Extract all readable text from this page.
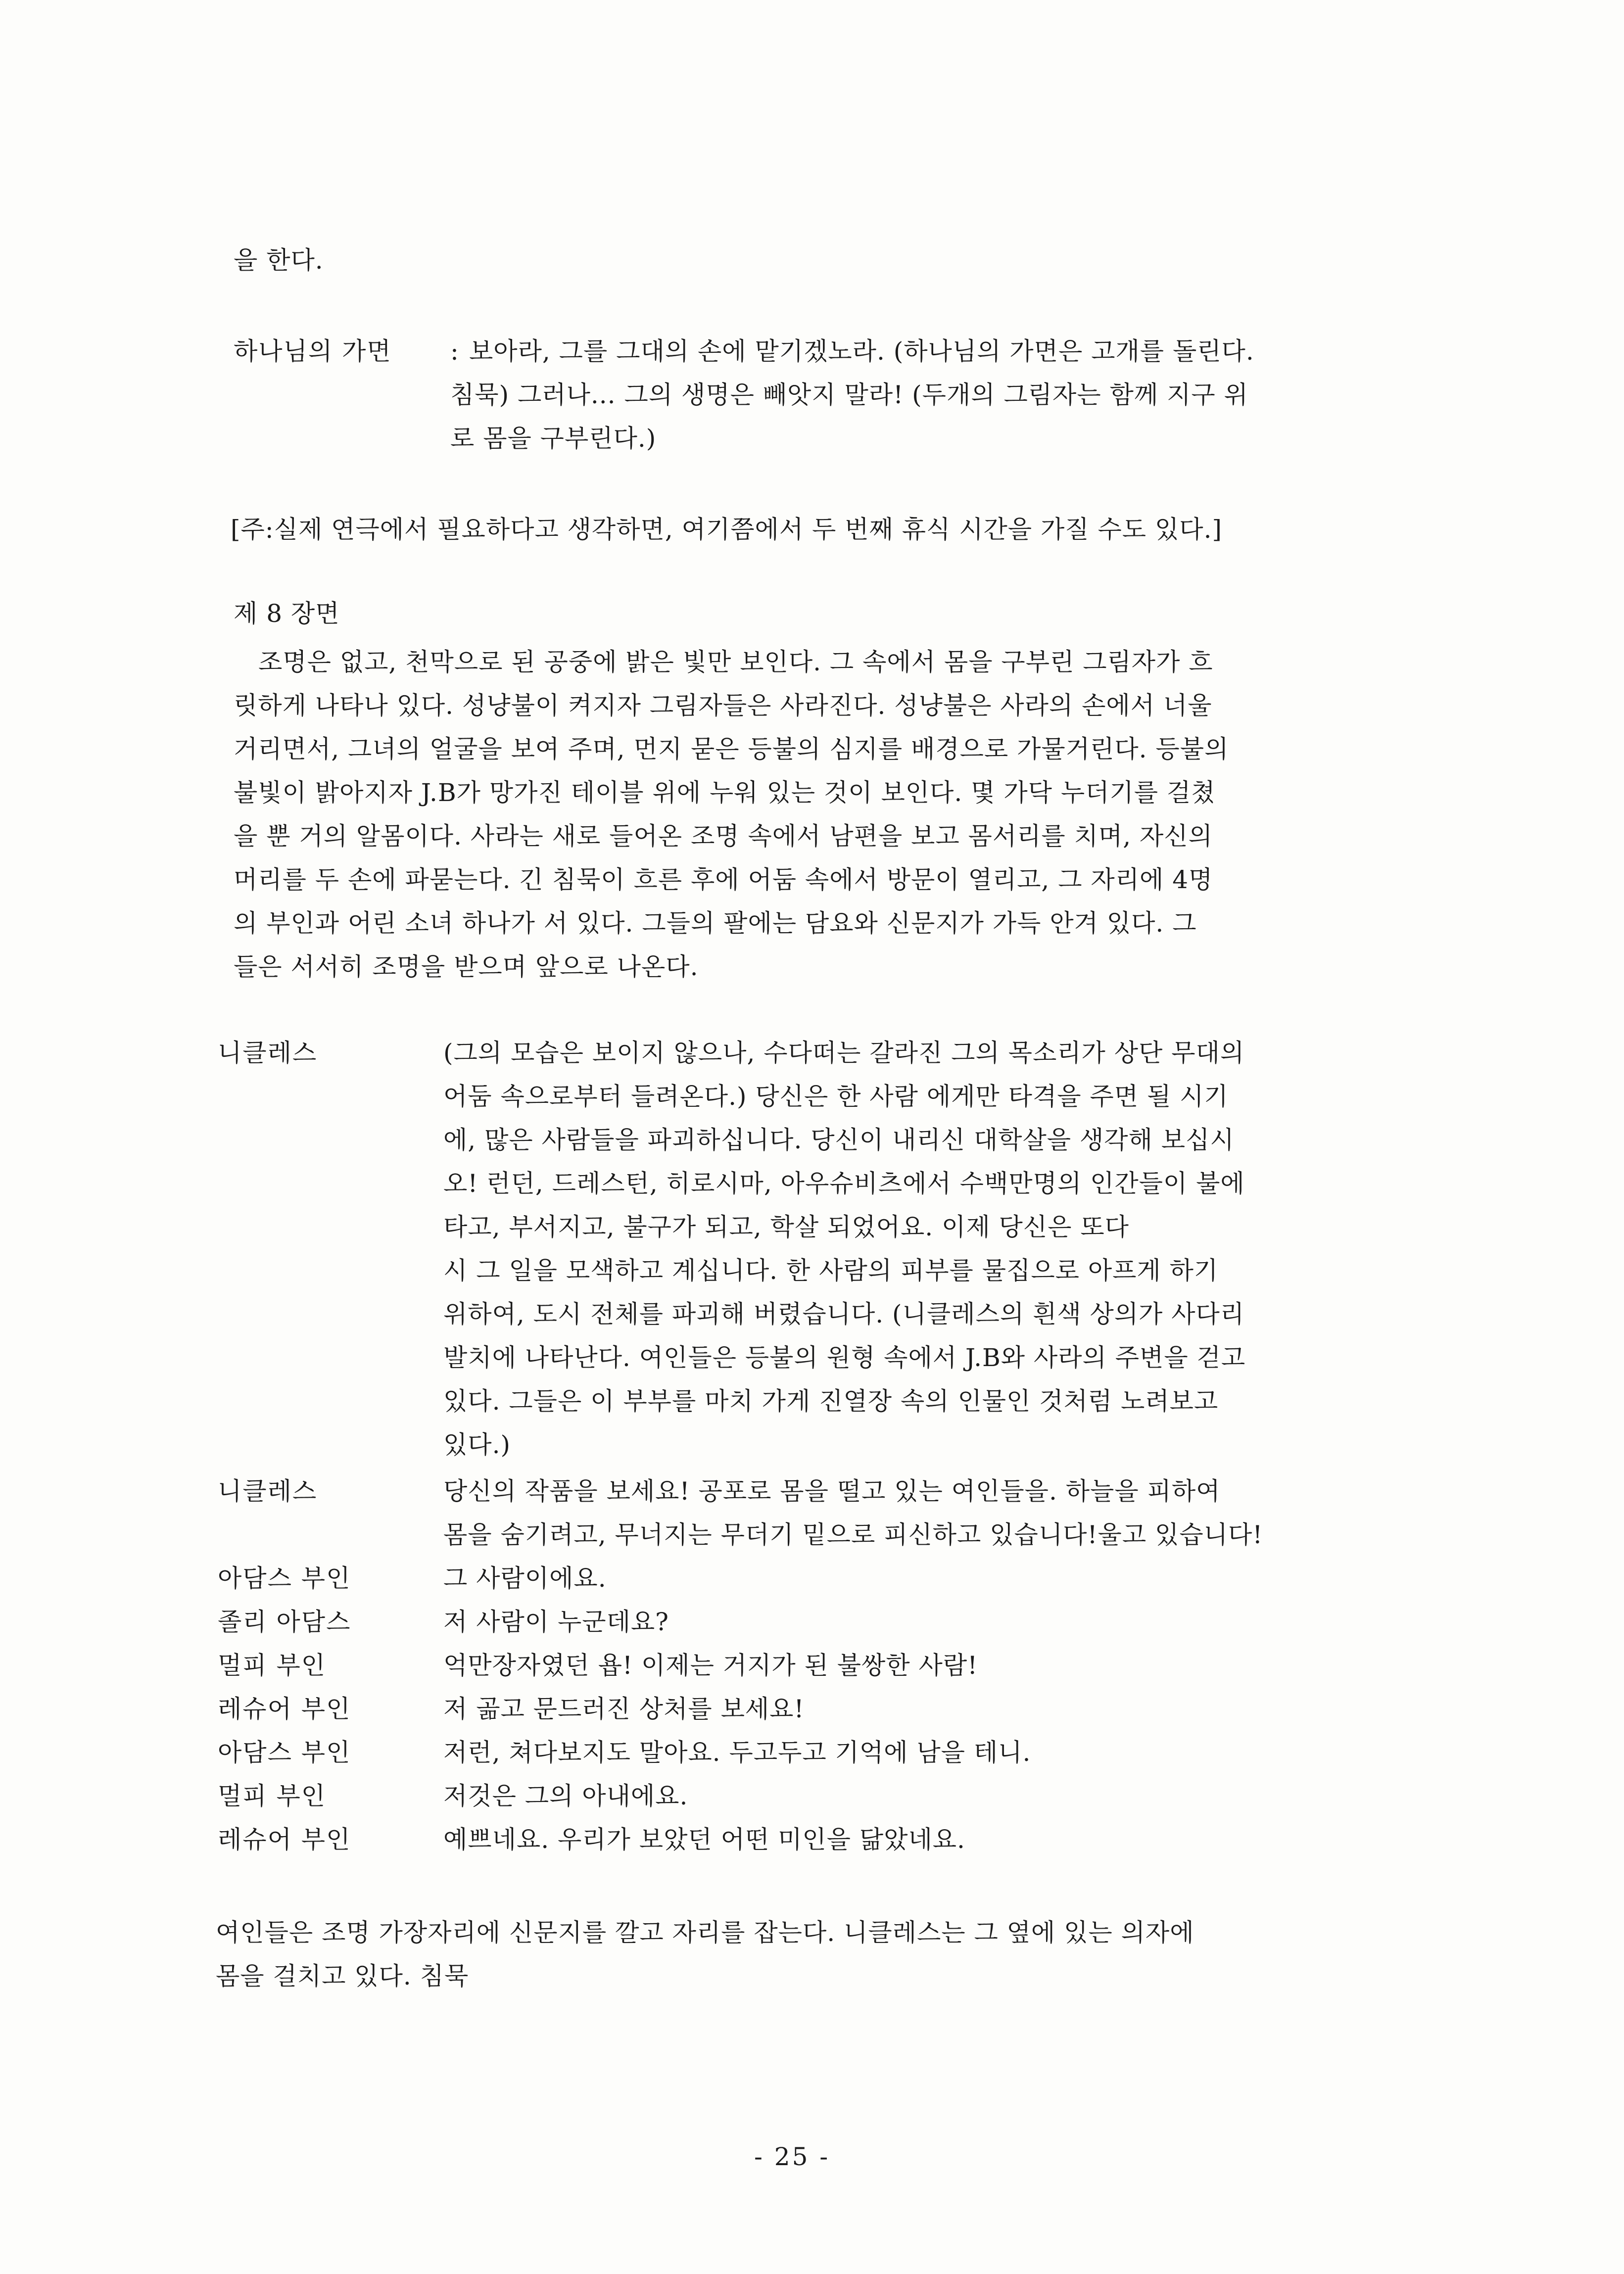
을 한다.
하나님의 가면 : 보아라, 그를 그대의 손에 맡기겠노라. (하나님의 가면은 고개를 돌린다.
침묵) 그러나... 그의 생명은 빼앗지 말라! (두개의 그림자는 함께 지구 위
로 몸을 구부린다.)
[주:실제 연극에서 필요하다고 생각하면, 여기쯤에서 두 번째 휴식 시간을 가질 수도 있다.]
제 8 장면
조명은 없고, 천막으로 된 공중에 밝은 빛만 보인다. 그 속에서 몸을 구부린 그림자가 흐
릿하게 나타나 있다. 성냥불이 켜지자 그림자들은 사라진다. 성냥불은 사라의 손에서 너울
거리면서, 그녀의 얼굴을 보여 주며, 먼지 묻은 등불의 심지를 배경으로 가물거린다. 등불의
불빛이 밝아지자 J.B가 망가진 테이블 위에 누워 있는 것이 보인다. 몇 가닥 누더기를 걸쳤
을 뿐 거의 알몸이다. 사라는 새로 들어온 조명 속에서 남편을 보고 몸서리를 치며, 자신의
머리를 두 손에 파묻는다. 긴 침묵이 흐른 후에 어둠 속에서 방문이 열리고, 그 자리에 4명
의 부인과 어린 소녀 하나가 서 있다. 그들의 팔에는 담요와 신문지가 가득 안겨 있다. 그
들은 서서히 조명을 받으며 앞으로 나온다.
니클레스	(그의 모습은 보이지 않으나, 수다떠는 갈라진 그의 목소리가 상단 무대의
어둠 속으로부터 들려온다.) 당신은 한 사람 에게만 타격을 주면 될 시기
에, 많은 사람들을 파괴하십니다. 당신이 내리신 대학살을 생각해 보십시
오! 런던, 드레스턴, 히로시마, 아우슈비츠에서 수백만명의 인간들이 불에
타고, 부서지고, 불구가 되고, 학살 되었어요. 이제 당신은 또다
시 그 일을 모색하고 계십니다. 한 사람의 피부를 물집으로 아프게 하기
위하여, 도시 전체를 파괴해 버렸습니다. (니클레스의 흰색 상의가 사다리
발치에 나타난다. 여인들은 등불의 원형 속에서 J.B와 사라의 주변을 걷고
있다. 그들은 이 부부를 마치 가게 진열장 속의 인물인 것처럼 노려보고
있다.)
니클레스	당신의 작품을 보세요! 공포로 몸을 떨고 있는 여인들을. 하늘을 피하여
몸을 숨기려고, 무너지는 무더기 밑으로 피신하고 있습니다!울고 있습니다!
아담스 부인	그 사람이에요.
졸리 아담스	저 사람이 누군데요?
멀피 부인	억만장자였던 욥! 이제는 거지가 된 불쌍한 사람!
레슈어 부인	저 곪고 문드러진 상처를 보세요!
아담스 부인	저런, 쳐다보지도 말아요. 두고두고 기억에 남을 테니.
멀피 부인	저것은 그의 아내에요.
레슈어 부인	예쁘네요. 우리가 보았던 어떤 미인을 닮았네요.
여인들은 조명 가장자리에 신문지를 깔고 자리를 잡는다. 니클레스는 그 옆에 있는 의자에
몸을 걸치고 있다. 침묵
- 25 -
